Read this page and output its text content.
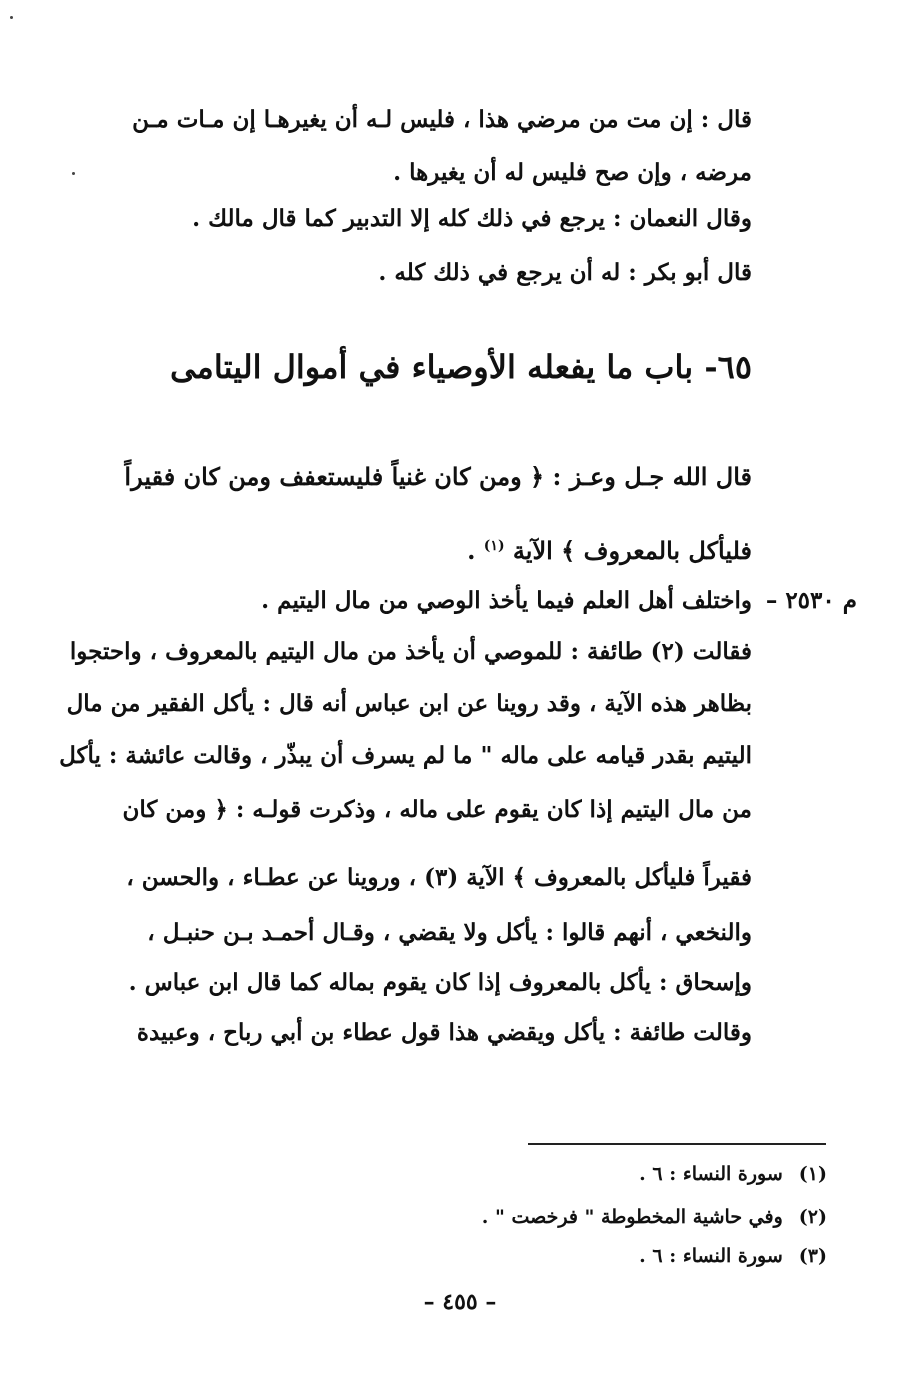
قال : إن مت من مرضي هذا ، فليس لـه أن يغيرهـا إن مـات مـن
مرضه ، وإن صح فليس له أن يغيرها .
وقال النعمان : يرجع في ذلك كله إلا التدبير كما قال مالك .
قال أبو بكر : له أن يرجع في ذلك كله .
٦٥- باب ما يفعله الأوصياء في أموال اليتامى
قال الله جـل وعـز : ﴿ ومن كان غنياً فليستعفف ومن كان فقيراً
فليأكل بالمعروف ﴾ الآية $^{(١)}$ .
م ٢٥٣٠ –
واختلف أهل العلم فيما يأخذ الوصي من مال اليتيم .
فقالت (٢) طائفة : للموصي أن يأخذ من مال اليتيم بالمعروف ، واحتجوا
بظاهر هذه الآية ، وقد روينا عن ابن عباس أنه قال : يأكل الفقير من مال
اليتيم بقدر قيامه على ماله " ما لم يسرف أن يبذّر ، وقالت عائشة : يأكل
من مال اليتيم إذا كان يقوم على ماله ، وذكرت قولـه : ﴿ ومن كان
فقيراً فليأكل بالمعروف ﴾ الآية (٣) ، وروينا عن عطـاء ، والحسن ،
والنخعي ، أنهم قالوا : يأكل ولا يقضي ، وقـال أحمـد بـن حنبـل ،
وإسحاق : يأكل بالمعروف إذا كان يقوم بماله كما قال ابن عباس .
وقالت طائفة : يأكل ويقضي هذا قول عطاء بن أبي رباح ، وعبيدة
(١)سورة النساء : ٦ .
(٢)وفي حاشية المخطوطة " فرخصت " .
(٣)سورة النساء : ٦ .
– ٤٥٥ –
